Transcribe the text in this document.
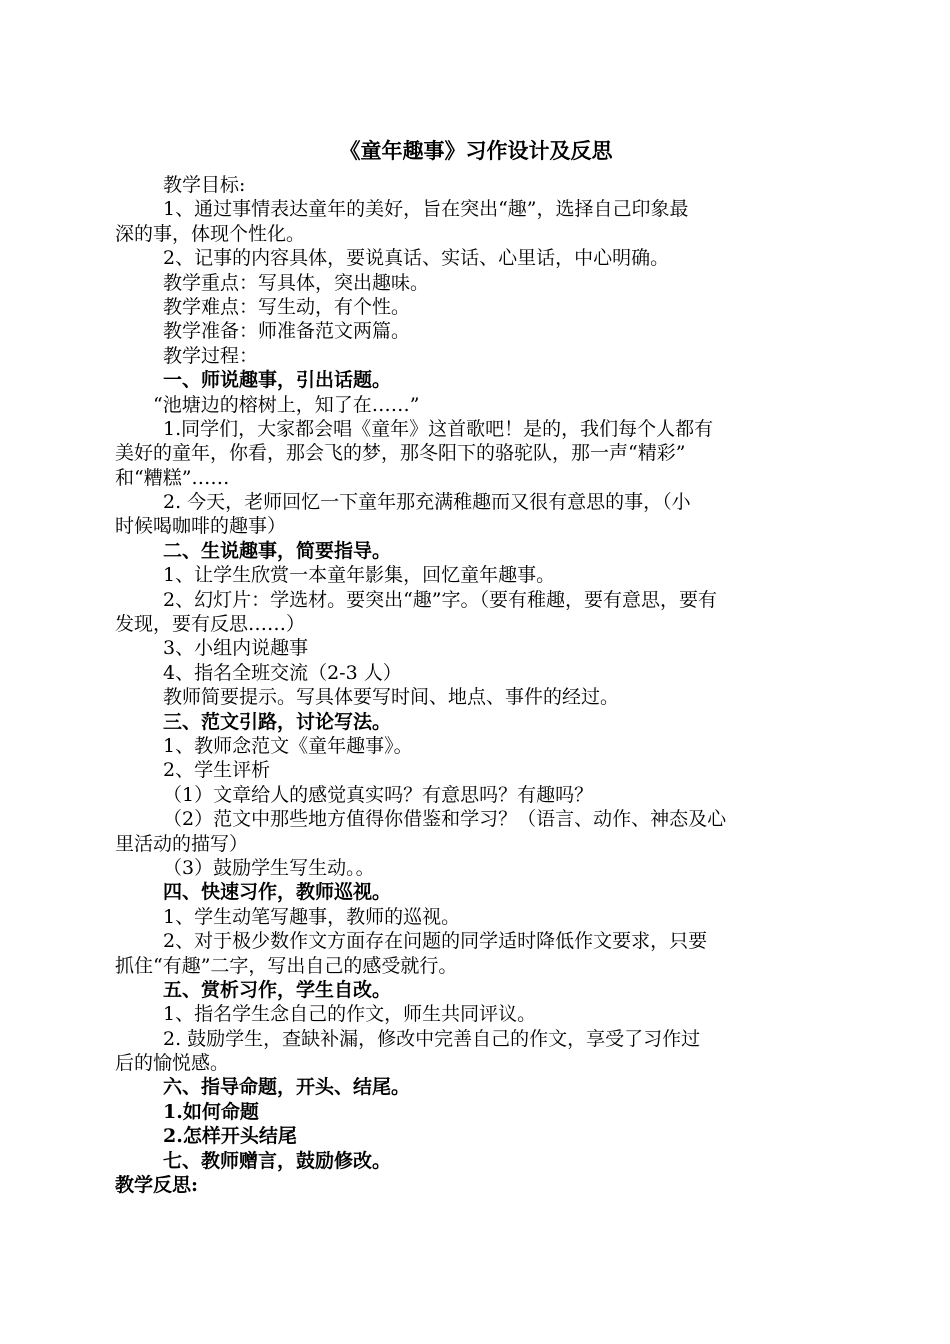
《童年趣事》习作设计及反思
教学目标:
1、通过事情表达童年的美好，旨在突出“趣”，选择自己印象最
深的事，体现个性化。
2、记事的内容具体，要说真话、实话、心里话，中心明确。
教学重点：写具体，突出趣味。
教学难点：写生动，有个性。
教学准备：师准备范文两篇。
教学过程：
一、师说趣事，引出话题。
“池塘边的榕树上，知了在……”
1.同学们，大家都会唱《童年》这首歌吧！是的，我们每个人都有
美好的童年，你看，那会飞的梦，那冬阳下的骆驼队，那一声“精彩”
和“糟糕”……
2. 今天，老师回忆一下童年那充满稚趣而又很有意思的事，（小
时候喝咖啡的趣事）
二、生说趣事，简要指导。
1、让学生欣赏一本童年影集，回忆童年趣事。
2、幻灯片：学选材。要突出“趣”字。（要有稚趣，要有意思，要有
发现，要有反思……）
3、小组内说趣事
4、指名全班交流（2-3 人）
教师简要提示。写具体要写时间、地点、事件的经过。
三、范文引路，讨论写法。
1、教师念范文《童年趣事》。
2、学生评析
（1）文章给人的感觉真实吗？有意思吗？有趣吗？
（2）范文中那些地方值得你借鉴和学习？（语言、动作、神态及心
里活动的描写）
（3）鼓励学生写生动。。
四、快速习作，教师巡视。
1、学生动笔写趣事，教师的巡视。
2、对于极少数作文方面存在问题的同学适时降低作文要求，只要
抓住“有趣”二字，写出自己的感受就行。
五、赏析习作，学生自改。
1、指名学生念自己的作文，师生共同评议。
2. 鼓励学生，查缺补漏，修改中完善自己的作文，享受了习作过
后的愉悦感。
六、指导命题，开头、结尾。
1.如何命题
2.怎样开头结尾
七、教师赠言，鼓励修改。
教学反思:
